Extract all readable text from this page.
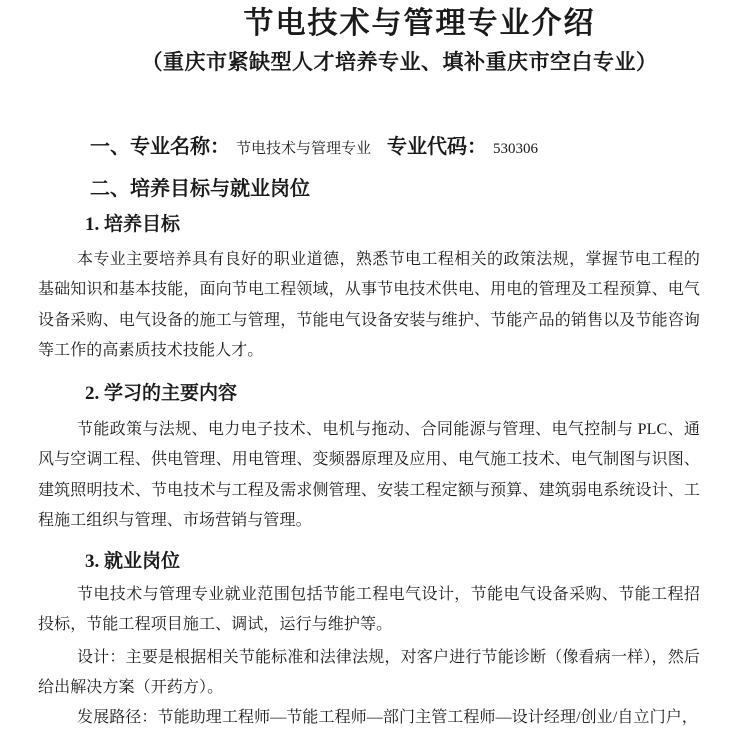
节电技术与管理专业介绍
（重庆市紧缺型人才培养专业、填补重庆市空白专业）

一、专业名称： 节电技术与管理专业 专业代码： 530306

二、培养目标与就业岗位

1. 培养目标

本专业主要培养具有良好的职业道德，熟悉节电工程相关的政策法规，掌握节电工程的基础知识和基本技能，面向节电工程领域，从事节电技术供电、用电的管理及工程预算、电气设备采购、电气设备的施工与管理，节能电气设备安装与维护、节能产品的销售以及节能咨询等工作的高素质技术技能人才。

2. 学习的主要内容

节能政策与法规、电力电子技术、电机与拖动、合同能源与管理、电气控制与 PLC、通风与空调工程、供电管理、用电管理、变频器原理及应用、电气施工技术、电气制图与识图、建筑照明技术、节电技术与工程及需求侧管理、安装工程定额与预算、建筑弱电系统设计、工程施工组织与管理、市场营销与管理。

3. 就业岗位

节电技术与管理专业就业范围包括节能工程电气设计，节能电气设备采购、节能工程招投标，节能工程项目施工、调试，运行与维护等。

设计：主要是根据相关节能标准和法律法规，对客户进行节能诊断（像看病一样），然后给出解决方案（开药方）。

发展路径：节能助理工程师—节能工程师—部门主管工程师—设计经理/创业/自立门户，
